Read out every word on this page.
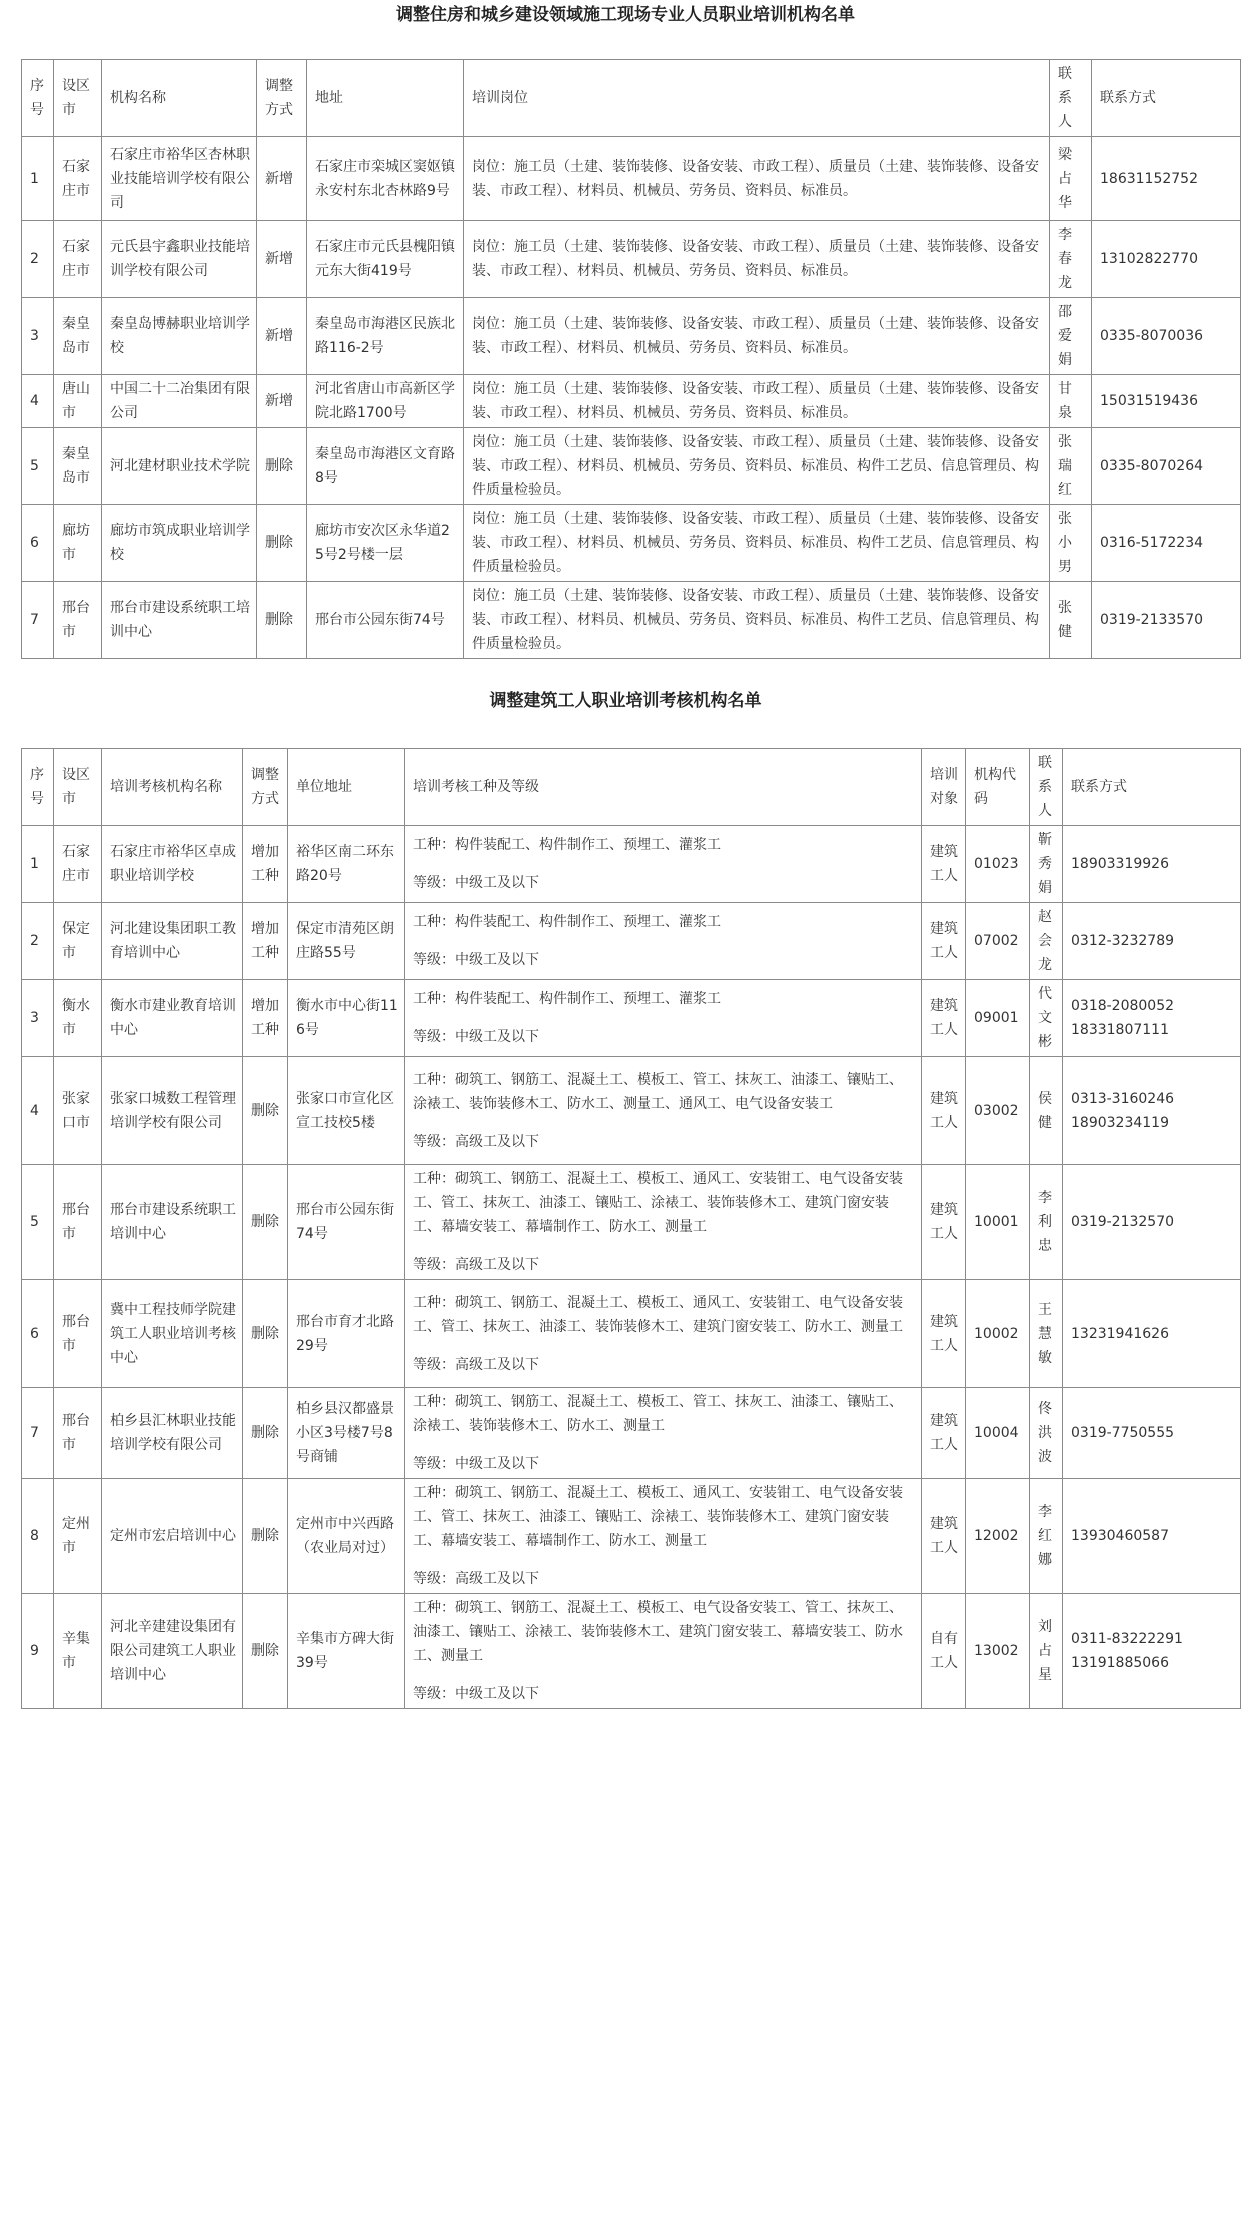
调整住房和城乡建设领域施工现场专业人员职业培训机构名单
序号	设区市	机构名称	调整方式	地址	培训岗位	联系人	联系方式
1	石家庄市	石家庄市裕华区杏林职业技能培训学校有限公司	新增	石家庄市栾城区窦妪镇永安村东北杏林路9号	岗位：施工员（土建、装饰装修、设备安装、市政工程）、质量员（土建、装饰装修、设备安装、市政工程）、材料员、机械员、劳务员、资料员、标准员。	梁占华	18631152752
2	石家庄市	元氏县宇鑫职业技能培训学校有限公司	新增	石家庄市元氏县槐阳镇元东大街419号	岗位：施工员（土建、装饰装修、设备安装、市政工程）、质量员（土建、装饰装修、设备安装、市政工程）、材料员、机械员、劳务员、资料员、标准员。	李春龙	13102822770
3	秦皇岛市	秦皇岛博赫职业培训学校	新增	秦皇岛市海港区民族北路116-2号	岗位：施工员（土建、装饰装修、设备安装、市政工程）、质量员（土建、装饰装修、设备安装、市政工程）、材料员、机械员、劳务员、资料员、标准员。	邵爱娟	0335-8070036
4	唐山市	中国二十二冶集团有限公司	新增	河北省唐山市高新区学院北路1700号	岗位：施工员（土建、装饰装修、设备安装、市政工程）、质量员（土建、装饰装修、设备安装、市政工程）、材料员、机械员、劳务员、资料员、标准员。	甘泉	15031519436
5	秦皇岛市	河北建材职业技术学院	删除	秦皇岛市海港区文育路8号	岗位：施工员（土建、装饰装修、设备安装、市政工程）、质量员（土建、装饰装修、设备安装、市政工程）、材料员、机械员、劳务员、资料员、标准员、构件工艺员、信息管理员、构件质量检验员。	张瑞红	0335-8070264
6	廊坊市	廊坊市筑成职业培训学校	删除	廊坊市安次区永华道25号2号楼一层	岗位：施工员（土建、装饰装修、设备安装、市政工程）、质量员（土建、装饰装修、设备安装、市政工程）、材料员、机械员、劳务员、资料员、标准员、构件工艺员、信息管理员、构件质量检验员。	张小男	0316-5172234
7	邢台市	邢台市建设系统职工培训中心	删除	邢台市公园东街74号	岗位：施工员（土建、装饰装修、设备安装、市政工程）、质量员（土建、装饰装修、设备安装、市政工程）、材料员、机械员、劳务员、资料员、标准员、构件工艺员、信息管理员、构件质量检验员。	张健	0319-2133570
调整建筑工人职业培训考核机构名单
序号	设区市	培训考核机构名称	调整方式	单位地址	培训考核工种及等级	培训对象	机构代码	联系人	联系方式
1	石家庄市	石家庄市裕华区卓成职业培训学校	增加工种	裕华区南二环东路20号	工种：构件装配工、构件制作工、预埋工、灌浆工
等级：中级工及以下	建筑工人	01023	靳秀娟	18903319926
2	保定市	河北建设集团职工教育培训中心	增加工种	保定市清苑区朗庄路55号	工种：构件装配工、构件制作工、预埋工、灌浆工
等级：中级工及以下	建筑工人	07002	赵会龙	0312-3232789
3	衡水市	衡水市建业教育培训中心	增加工种	衡水市中心街116号	工种：构件装配工、构件制作工、预埋工、灌浆工
等级：中级工及以下	建筑工人	09001	代文彬	0318-2080052
18331807111

4	张家口市	张家口城数工程管理培训学校有限公司	删除	张家口市宣化区宣工技校5楼	工种：砌筑工、钢筋工、混凝土工、模板工、管工、抹灰工、油漆工、镶贴工、涂裱工、装饰装修木工、防水工、测量工、通风工、电气设备安装工
等级：高级工及以下	建筑工人	03002	侯健	0313-3160246
18903234119

5	邢台市	邢台市建设系统职工培训中心	删除	邢台市公园东街74号	工种：砌筑工、钢筋工、混凝土工、模板工、通风工、安装钳工、电气设备安装工、管工、抹灰工、油漆工、镶贴工、涂裱工、装饰装修木工、建筑门窗安装工、幕墙安装工、幕墙制作工、防水工、测量工
等级：高级工及以下	建筑工人	10001	李利忠	0319-2132570
6	邢台市	冀中工程技师学院建筑工人职业培训考核中心	删除	邢台市育才北路29号	工种：砌筑工、钢筋工、混凝土工、模板工、通风工、安装钳工、电气设备安装工、管工、抹灰工、油漆工、装饰装修木工、建筑门窗安装工、防水工、测量工
等级：高级工及以下	建筑工人	10002	王慧敏	13231941626
7	邢台市	柏乡县汇林职业技能培训学校有限公司	删除	柏乡县汉都盛景小区3号楼7号8号商铺	工种：砌筑工、钢筋工、混凝土工、模板工、管工、抹灰工、油漆工、镶贴工、涂裱工、装饰装修木工、防水工、测量工
等级：中级工及以下	建筑工人	10004	佟洪波	0319-7750555
8	定州市	定州市宏启培训中心	删除	定州市中兴西路（农业局对过）	工种：砌筑工、钢筋工、混凝土工、模板工、通风工、安装钳工、电气设备安装工、管工、抹灰工、油漆工、镶贴工、涂裱工、装饰装修木工、建筑门窗安装工、幕墙安装工、幕墙制作工、防水工、测量工
等级：高级工及以下	建筑工人	12002	李红娜	13930460587
9	辛集市	河北辛建建设集团有限公司建筑工人职业培训中心	删除	辛集市方碑大街39号	工种：砌筑工、钢筋工、混凝土工、模板工、电气设备安装工、管工、抹灰工、油漆工、镶贴工、涂裱工、装饰装修木工、建筑门窗安装工、幕墙安装工、防水工、测量工
等级：中级工及以下	自有工人	13002	刘占星	0311-83222291
13191885066
